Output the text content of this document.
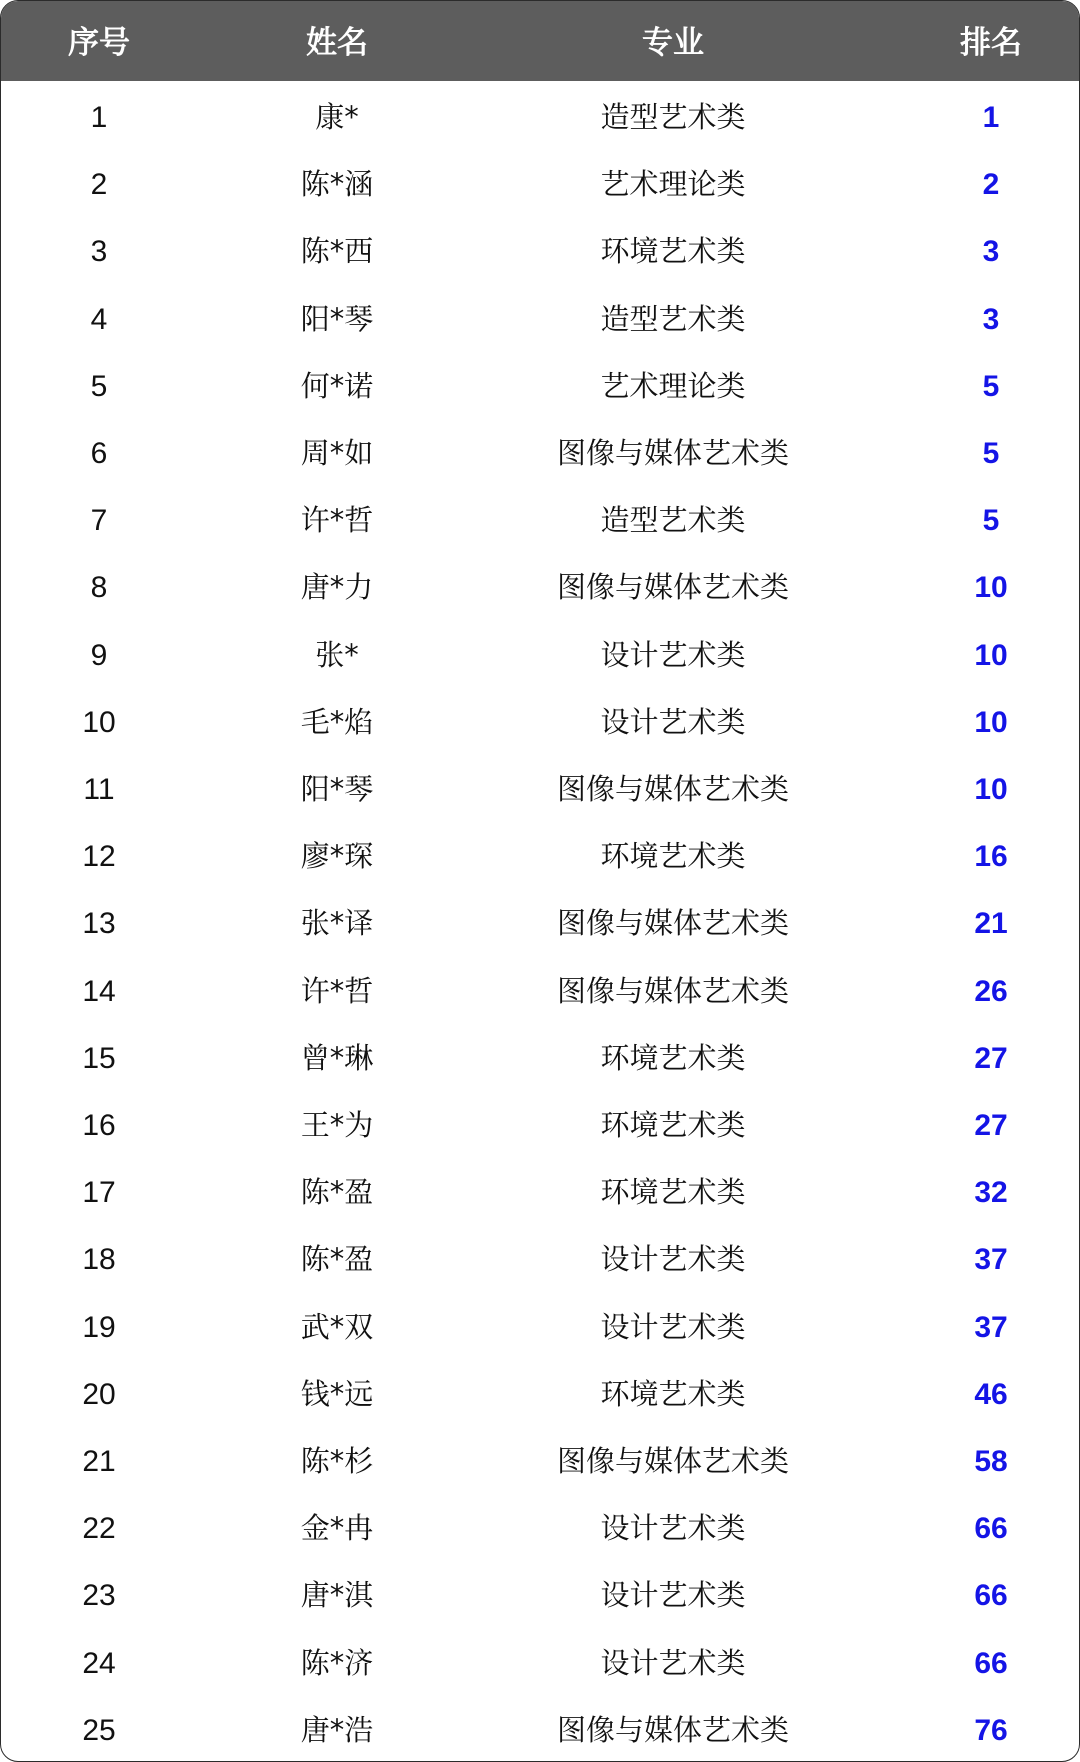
序号	姓名	专业	排名
1	康*	造型艺术类	1
2	陈*涵	艺术理论类	2
3	陈*西	环境艺术类	3
4	阳*琴	造型艺术类	3
5	何*诺	艺术理论类	5
6	周*如	图像与媒体艺术类	5
7	许*哲	造型艺术类	5
8	唐*力	图像与媒体艺术类	10
9	张*	设计艺术类	10
10	毛*焰	设计艺术类	10
11	阳*琴	图像与媒体艺术类	10
12	廖*琛	环境艺术类	16
13	张*译	图像与媒体艺术类	21
14	许*哲	图像与媒体艺术类	26
15	曾*琳	环境艺术类	27
16	王*为	环境艺术类	27
17	陈*盈	环境艺术类	32
18	陈*盈	设计艺术类	37
19	武*双	设计艺术类	37
20	钱*远	环境艺术类	46
21	陈*杉	图像与媒体艺术类	58
22	金*冉	设计艺术类	66
23	唐*淇	设计艺术类	66
24	陈*济	设计艺术类	66
25	唐*浩	图像与媒体艺术类	76
